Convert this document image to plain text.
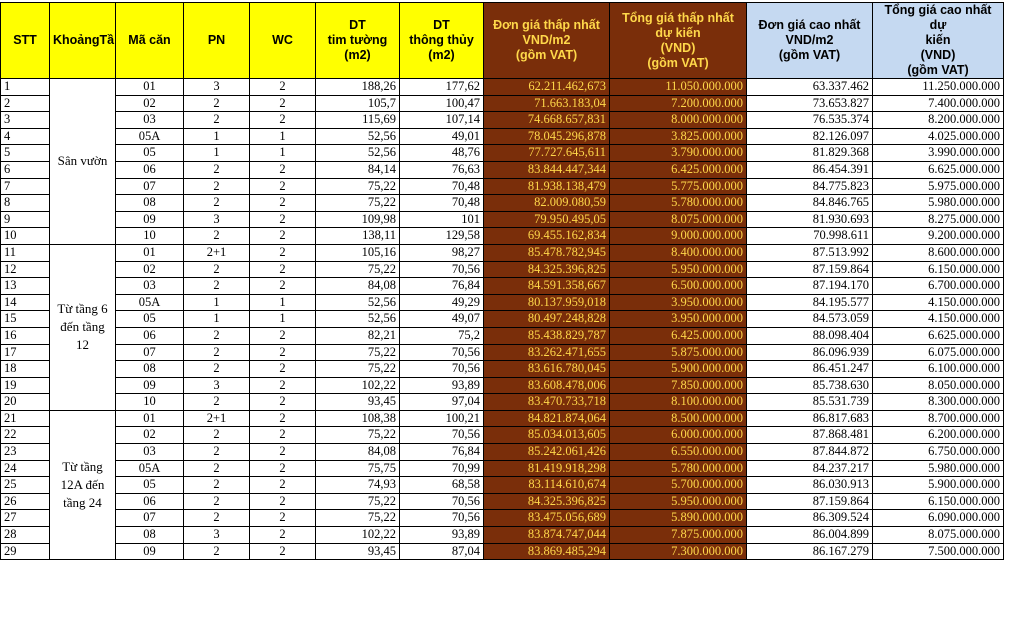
STT	KhoảngTầ	Mã căn	PN	WC	DT
tim tường
(m2)	DT
thông thủy
(m2)	Đơn giá thấp nhất
VND/m2
(gồm VAT)	Tổng giá thấp nhất
dự kiến
(VND)
(gồm VAT)	Đơn giá cao nhất
VND/m2
(gồm VAT)	Tổng giá cao nhất dự
kiến
(VND)
(gồm VAT)
1	Sân vườn	01	3	2	188,26	177,62	62.211.462,673	11.050.000.000	63.337.462	11.250.000.000
2		02	2	2	105,7	100,47	71.663.183,04	7.200.000.000	73.653.827	7.400.000.000
3		03	2	2	115,69	107,14	74.668.657,831	8.000.000.000	76.535.374	8.200.000.000
4		05A	1	1	52,56	49,01	78.045.296,878	3.825.000.000	82.126.097	4.025.000.000
5		05	1	1	52,56	48,76	77.727.645,611	3.790.000.000	81.829.368	3.990.000.000
6		06	2	2	84,14	76,63	83.844.447,344	6.425.000.000	86.454.391	6.625.000.000
7		07	2	2	75,22	70,48	81.938.138,479	5.775.000.000	84.775.823	5.975.000.000
8		08	2	2	75,22	70,48	82.009.080,59	5.780.000.000	84.846.765	5.980.000.000
9		09	3	2	109,98	101	79.950.495,05	8.075.000.000	81.930.693	8.275.000.000
10		10	2	2	138,11	129,58	69.455.162,834	9.000.000.000	70.998.611	9.200.000.000
11	Từ tầng 6 đến tầng 12	01	2+1	2	105,16	98,27	85.478.782,945	8.400.000.000	87.513.992	8.600.000.000
12		02	2	2	75,22	70,56	84.325.396,825	5.950.000.000	87.159.864	6.150.000.000
13		03	2	2	84,08	76,84	84.591.358,667	6.500.000.000	87.194.170	6.700.000.000
14		05A	1	1	52,56	49,29	80.137.959,018	3.950.000.000	84.195.577	4.150.000.000
15		05	1	1	52,56	49,07	80.497.248,828	3.950.000.000	84.573.059	4.150.000.000
16		06	2	2	82,21	75,2	85.438.829,787	6.425.000.000	88.098.404	6.625.000.000
17		07	2	2	75,22	70,56	83.262.471,655	5.875.000.000	86.096.939	6.075.000.000
18		08	2	2	75,22	70,56	83.616.780,045	5.900.000.000	86.451.247	6.100.000.000
19		09	3	2	102,22	93,89	83.608.478,006	7.850.000.000	85.738.630	8.050.000.000
20		10	2	2	93,45	97,04	83.470.733,718	8.100.000.000	85.531.739	8.300.000.000
21	Từ tầng 12A đến tầng 24	01	2+1	2	108,38	100,21	84.821.874,064	8.500.000.000	86.817.683	8.700.000.000
22		02	2	2	75,22	70,56	85.034.013,605	6.000.000.000	87.868.481	6.200.000.000
23		03	2	2	84,08	76,84	85.242.061,426	6.550.000.000	87.844.872	6.750.000.000
24		05A	2	2	75,75	70,99	81.419.918,298	5.780.000.000	84.237.217	5.980.000.000
25		05	2	2	74,93	68,58	83.114.610,674	5.700.000.000	86.030.913	5.900.000.000
26		06	2	2	75,22	70,56	84.325.396,825	5.950.000.000	87.159.864	6.150.000.000
27		07	2	2	75,22	70,56	83.475.056,689	5.890.000.000	86.309.524	6.090.000.000
28		08	3	2	102,22	93,89	83.874.747,044	7.875.000.000	86.004.899	8.075.000.000
29		09	2	2	93,45	87,04	83.869.485,294	7.300.000.000	86.167.279	7.500.000.000
